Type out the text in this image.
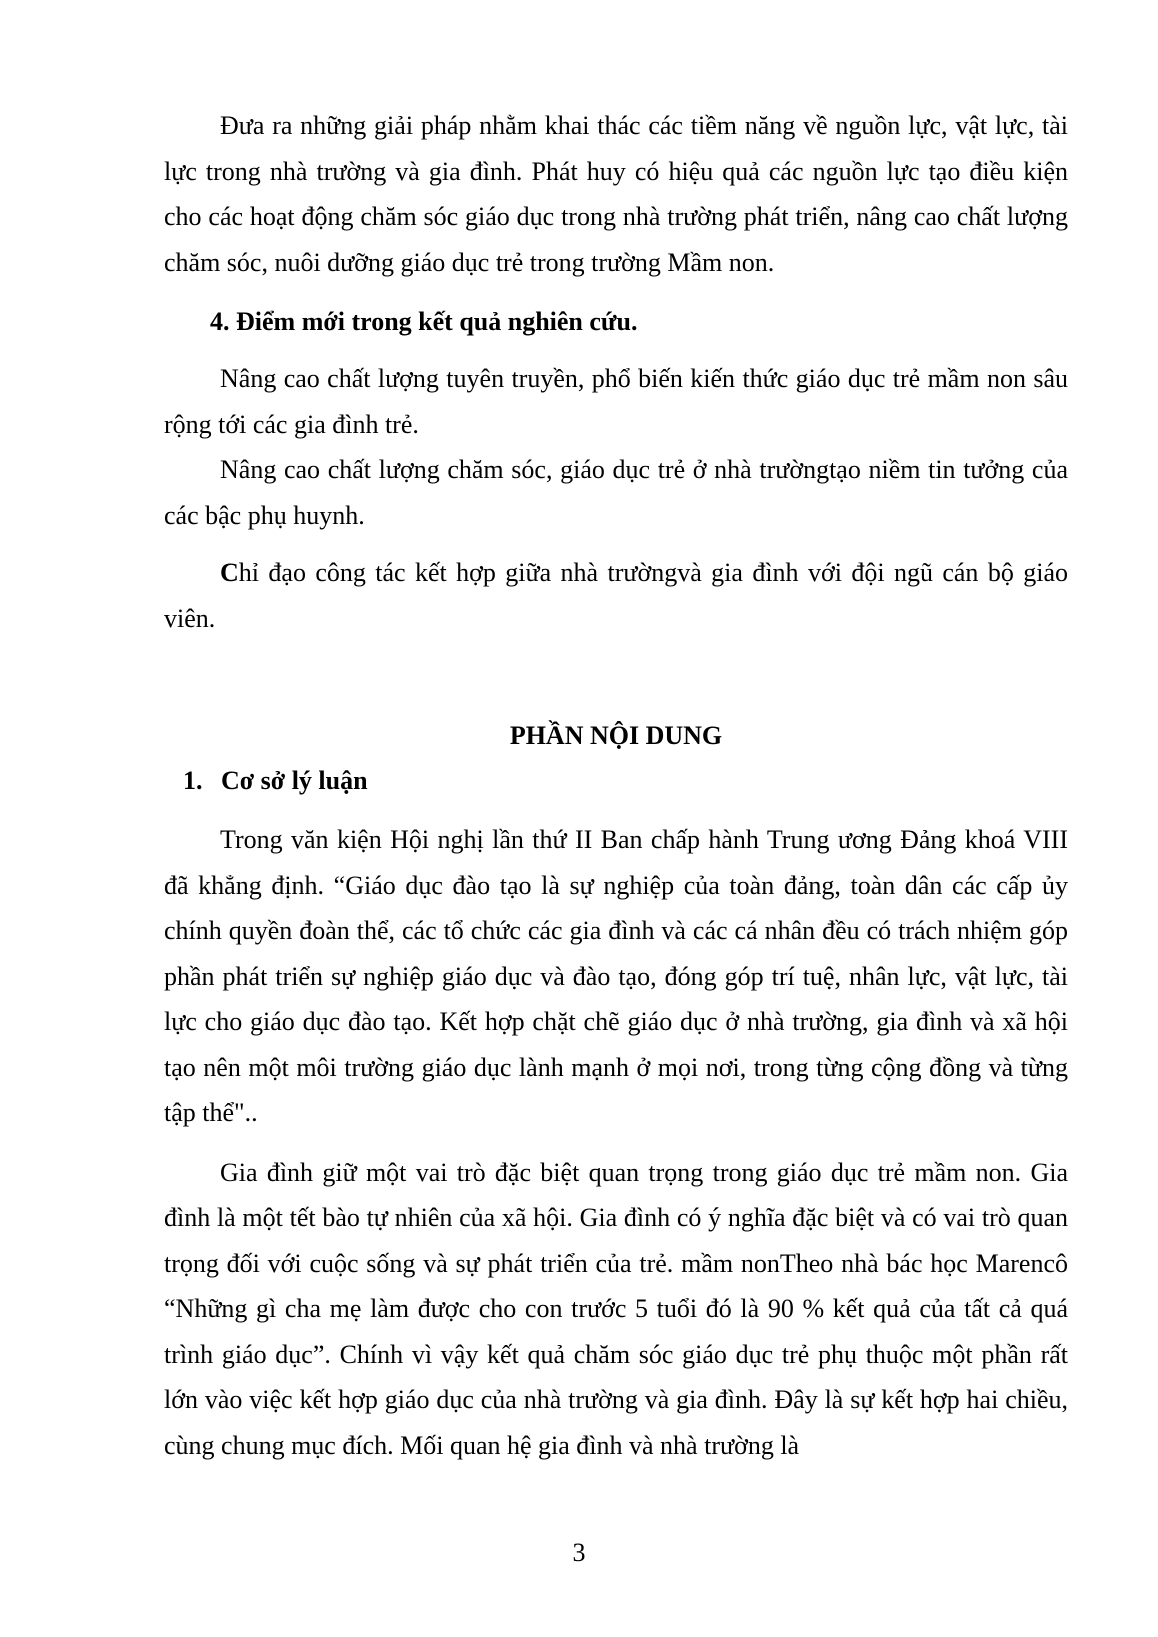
Đưa ra những giải pháp nhằm khai thác các tiềm năng về nguồn lực, vật lực, tài lực trong nhà trường và gia đình. Phát huy có hiệu quả các nguồn lực tạo điều kiện cho các hoạt động chăm sóc giáo dục trong nhà trường phát triển, nâng cao chất lượng chăm sóc, nuôi dưỡng giáo dục trẻ trong trường Mầm non.

4. Điểm mới trong kết quả nghiên cứu.

Nâng cao chất lượng tuyên truyền, phổ biến kiến thức giáo dục trẻ mầm non sâu rộng tới các gia đình trẻ.

Nâng cao chất lượng chăm sóc, giáo dục trẻ ở nhà trườngtạo niềm tin tưởng của các bậc phụ huynh.

Chỉ đạo công tác kết hợp giữa nhà trườngvà gia đình với đội ngũ cán bộ giáo viên.

PHẦN NỘI DUNG
1. Cơ sở lý luận

Trong văn kiện Hội nghị lần thứ II Ban chấp hành Trung ương Đảng khoá VIII đã khẳng định. “Giáo dục đào tạo là sự nghiệp của toàn đảng, toàn dân các cấp ủy chính quyền đoàn thể, các tổ chức các gia đình và các cá nhân đều có trách nhiệm góp phần phát triển sự nghiệp giáo dục và đào tạo, đóng góp trí tuệ, nhân lực, vật lực, tài lực cho giáo dục đào tạo. Kết hợp chặt chẽ giáo dục ở nhà trường, gia đình và xã hội tạo nên một môi trường giáo dục lành mạnh ở mọi nơi, trong từng cộng đồng và từng tập thể"..

Gia đình giữ một vai trò đặc biệt quan trọng trong giáo dục trẻ mầm non. Gia đình là một tết bào tự nhiên của xã hội. Gia đình có ý nghĩa đặc biệt và có vai trò quan trọng đối với cuộc sống và sự phát triển của trẻ. mầm nonTheo nhà bác học Marencô “Những gì cha mẹ làm được cho con trước 5 tuổi đó là 90 % kết quả của tất cả quá trình giáo dục”. Chính vì vậy kết quả chăm sóc giáo dục trẻ phụ thuộc một phần rất lớn vào việc kết hợp giáo dục của nhà trường và gia đình. Đây là sự kết hợp hai chiều, cùng chung mục đích. Mối quan hệ gia đình và nhà trường là

3
